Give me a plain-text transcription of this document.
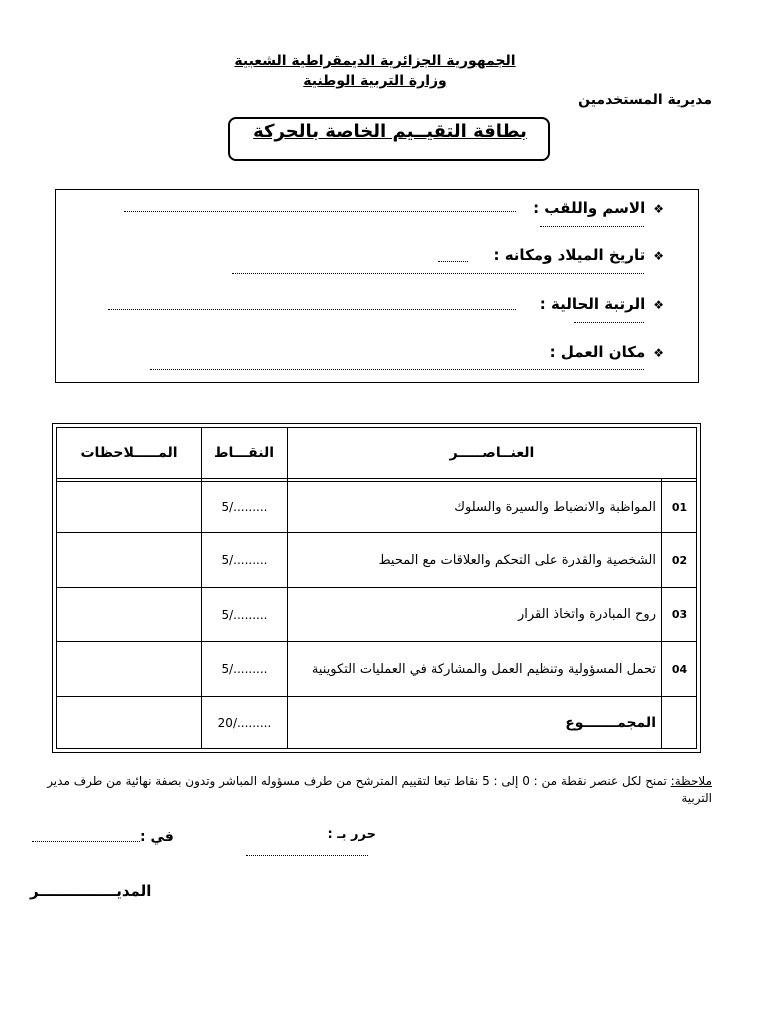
الجمهورية الجزائرية الديمقراطية الشعبية
وزارة التربية الوطنية
مديرية المستخدمين
بطاقة التقيــيم الخاصة بالحركة
❖الاسم واللقب :
❖تاريخ الميلاد ومكانه :
❖الرتبة الحالية :
❖مكان العمل :
المـــــلاحظات	النقـــاط	العنــاصـــــر
01
المواظبة والانضباط والسيرة والسلوك
5/.........
02
الشخصية والقدرة على التحكم والعلاقات مع المحيط
5/.........
03
روح المبادرة واتخاذ القرار
5/.........
04
تحمل المسؤولية وتنظيم العمل والمشاركة في العمليات التكوينية
5/.........
المجمـــــــوع
20/.........
ملاحظة: تمنح لكل عنصر نقطة من : 0 إلى : 5 نقاط تبعا لتقييم المترشح من طرف مسؤوله المباشر وتدون بصفة نهائية من طرف مدير التربية
حرر بـ :
في :
المديـــــــــــــــر
